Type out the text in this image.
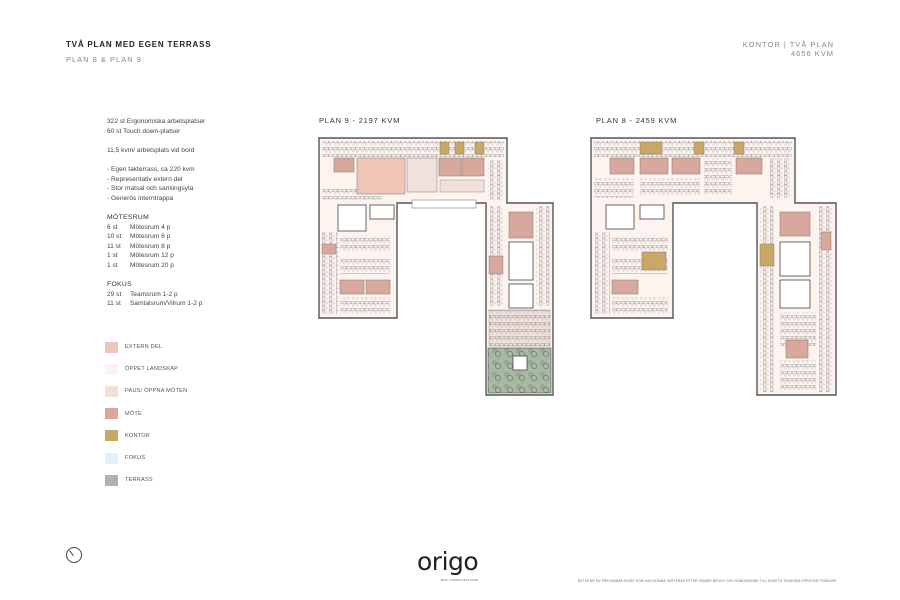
TVÅ PLAN MED EGEN TERRASS
PLAN 8 & PLAN 9
KONTOR | TVÅ PLAN
4656 KVM
322 st Ergonomiska arbetsplatser
60 st Touch down-platser
11,5 kvm/ arbetsplats vid bord
- Egen takterrass, ca 220 kvm
- Representativ extern del
- Stor matsal och samlingsyta
- Generös interntrappa
MÖTESRUM
6 st	Mötesrum 4 p
10 st	Mötesrum 6 p
11 st	Mötesrum 8 p
1 st	Mötesrum 12 p
1 st	Mötesrum 20 p
FOKUS
29 st	Teamsrum 1-2 p
11 st	Samtalsrum/Vilrum 1-2 p
EXTERN DEL
ÖPPET LANDSKAP
PAUS/ ÖPPNA MÖTEN
MÖTE
KONTOR
FOKUS
TERRASS
PLAN 9 - 2197 KVM	PLAN 8 - 2459 KVM
origo
BOX CONSULTATIONS	DETTA ÄR EN PRELIMINÄR SKISS SOM KAN KOMMA JUSTERAS EFTER VIDARE BEHOV OCH SAMORDNING TILL HUSETS TEKNISKA FÖRUTSÄTTNINGAR
